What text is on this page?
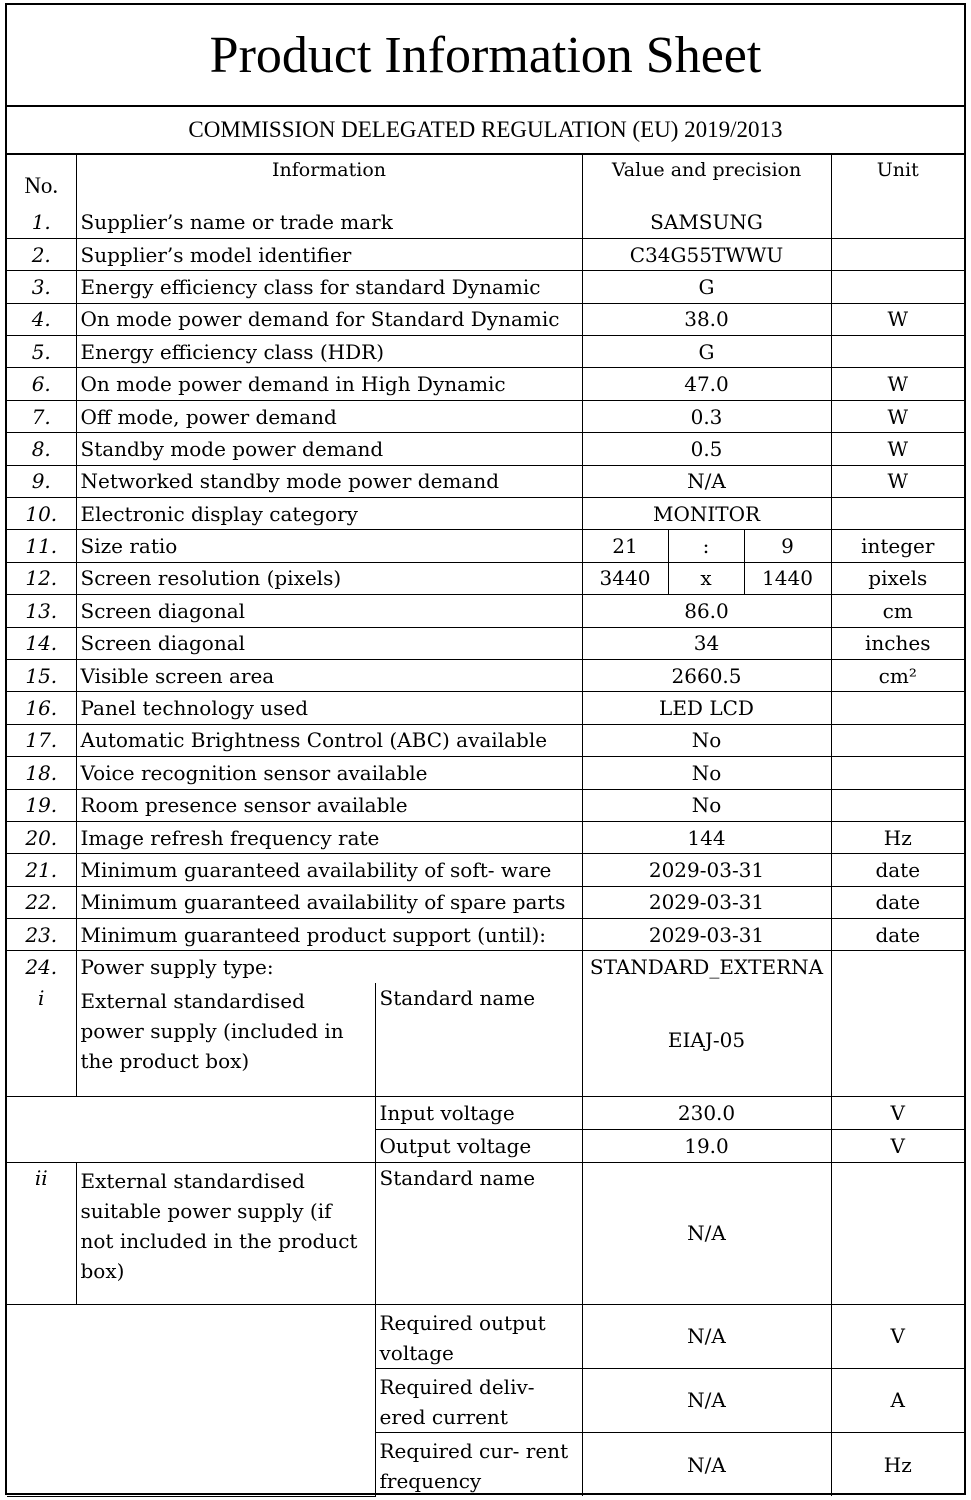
Product Information Sheet
COMMISSION DELEGATED REGULATION (EU) 2019/2013
No.	Information		Value and precision			Unit
1.	Supplier’s name or trade mark		SAMSUNG			
2.	Supplier’s model identifier		C34G55TWWU			
3.	Energy efficiency class for standard Dynamic		G			
4.	On mode power demand for Standard Dynamic		38.0			W
5.	Energy efficiency class (HDR)		G			
6.	On mode power demand in High Dynamic		47.0			W
7.	Off mode, power demand		0.3			W
8.	Standby mode power demand		0.5			W
9.	Networked standby mode power demand		N/A			W
10.	Electronic display category		MONITOR			
11.	Size ratio		21	:	9	integer
12.	Screen resolution (pixels)		3440	x	1440	pixels
13.	Screen diagonal		86.0			cm
14.	Screen diagonal		34			inches
15.	Visible screen area		2660.5			cm²
16.	Panel technology used		LED LCD			
17.	Automatic Brightness Control (ABC) available		No			
18.	Voice recognition sensor available		No			
19.	Room presence sensor available		No			
20.	Image refresh frequency rate		144			Hz
21.	Minimum guaranteed availability of soft- ware		2029-03-31			date
22.	Minimum guaranteed availability of spare parts		2029-03-31			date
23.	Minimum guaranteed product support (until):		2029-03-31			date
24.	Power supply type:		STANDARD_EXTERNA			
i	External standardised power supply (included in the product box)	Standard name	EIAJ-05			
		Input voltage	230.0			V
		Output voltage	19.0			V
ii	External standardised suitable power supply (if not included in the product box)	Standard name	N/A			
		Required output voltage	N/A			V
		Required deliv- ered current	N/A			A
		Required cur- rent frequency	N/A			Hz
